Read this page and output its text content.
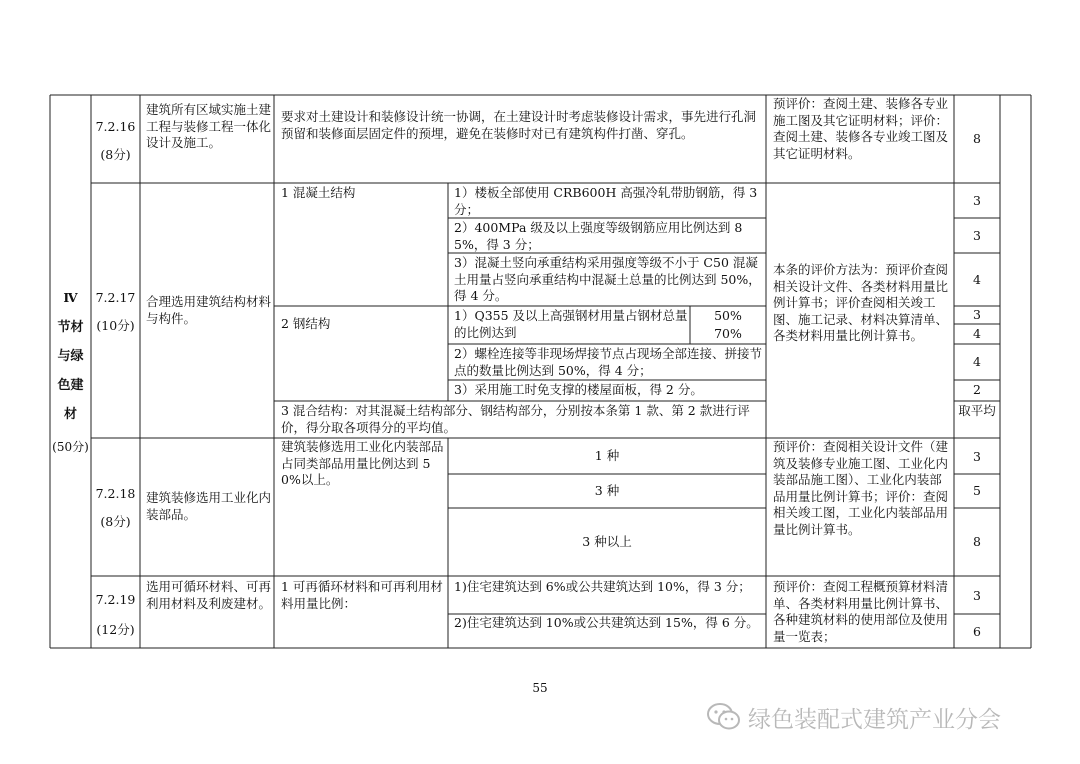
Ⅳ
节材
与绿
色建
材
(50分)
7.2.16
(8分)
建筑所有区域实施土建工程与装修工程一体化设计及施工。
要求对土建设计和装修设计统一协调，在土建设计时考虑装修设计需求，事先进行孔洞预留和装修面层固定件的预埋，避免在装修时对已有建筑构件打凿、穿孔。
预评价：查阅土建、装修各专业施工图及其它证明材料；评价：查阅土建、装修各专业竣工图及其它证明材料。
8
7.2.17
(10分)
合理选用建筑结构材料与构件。
1 混凝土结构	1）楼板全部使用 CRB600H 高强冷轧带肋钢筋，得 3 分；
2）400MPa 级及以上强度等级钢筋应用比例达到 85%，得 3 分；
3）混凝土竖向承重结构采用强度等级不小于 C50 混凝土用量占竖向承重结构中混凝土总量的比例达到 50%，得 4 分。
2 钢结构
1）Q355 及以上高强钢材用量占钢材总量的比例达到
50%
70%
2）螺栓连接等非现场焊接节点占现场全部连接、拼接节点的数量比例达到 50%，得 4 分；
3）采用施工时免支撑的楼屋面板，得 2 分。
3 混合结构：对其混凝土结构部分、钢结构部分，分别按本条第 1 款、第 2 款进行评价，得分取各项得分的平均值。
本条的评价方法为：预评价查阅相关设计文件、各类材料用量比例计算书；评价查阅相关竣工图、施工记录、材料决算清单、各类材料用量比例计算书。
3
3
4
3
4
4
2
取平均
7.2.18
(8分)
建筑装修选用工业化内装部品。
建筑装修选用工业化内装部品占同类部品用量比例达到 50%以上。
1 种
3 种
3 种以上
预评价：查阅相关设计文件（建筑及装修专业施工图、工业化内装部品施工图）、工业化内装部品用量比例计算书；评价：查阅相关竣工图，工业化内装部品用量比例计算书。
3
5
8
7.2.19
(12分)
选用可循环材料、可再利用材料及利废建材。
1 可再循环材料和可再利用材料用量比例：
1)住宅建筑达到 6%或公共建筑达到 10%，得 3 分；
2)住宅建筑达到 10%或公共建筑达到 15%，得 6 分。
预评价：查阅工程概预算材料清单、各类材料用量比例计算书、各种建筑材料的使用部位及使用量一览表；
3
6
55
绿色装配式建筑产业分会
